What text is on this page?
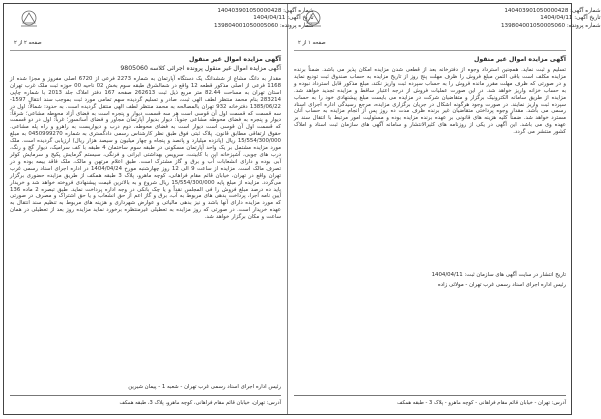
شماره آگهی: 140403901050000428
تاریخ آگهی: 1404/04/11
شماره پرونده: 139804001050005060
صفحه ۲ از ۲
آگهی مزایده اموال غیر منقول
آگهی مزایده اموال غیر منقول پرونده اجرائی کلاسه 9805060
مقدار به دانگ مشاع از ششدانگ یک دستگاه آپارتمان به شماره 2273 فرعی از 6720 اصلی مفروز و مجزا شده از 1168 فرعی از اصلی مذکور قطعه 12 واقع در شمالشرق طبقه سوم بخش 02 ناحیه 00 حوزه ثبت ملک غرب تهران استان تهران به مساحت 82.44 متر مربع ذیل ثبت 262613 صفحه 167 دفتر املاک جلد 2013 با شماره چاپی 283214 بنام محمد منتظر لطف الهی ثبت، صادر و تسلیم گردیده سهم تمامی مورد ثبت بموجب سند انتقال 1597-1385/06/22 دفترخانه 932 تهران بالمصالحه به محمد منتظر لطف الهی منتقل گردیده است. به حدود: شمالاً: اول در سه قسمت که قسمت اول آن قوسی است هر سه قسمت دیوار و پنجره است به فضای آزاد محوطه مشاعی؛ شرقاً: دیوار و پنجره به فضای محوطه مشاعی جنوباً: دیوار بدیوار آپارتمان مجاور و فضای آسانسور؛ غرباً: اول در دو قسمت که قسمت اول آن قوسی است دیوار است به فضای محوطه، دوم درب و دیواریست به راهرو و راه پله مشاعی. حقوق ارتفاقی مطابق قانون. پلاک ثبتی فوق طبق نظر کارشناس رسمی دادگستری به شماره 0450999270 به مبلغ 15/554/300/000 ریال (پانزده میلیارد و پانصد و پنجاه و چهار میلیون و سیصد هزار ریال) ارزیابی گردیده است. ملک مورد مزایده مشتمل بر یک واحد آپارتمان مسکونی در طبقه سوم ساختمان 4 طبقه با کف سرامیک، دیوار گچ و رنگ، درب های چوبی، آشپزخانه اپن با کابینت، سرویس بهداشتی ایرانی و فرنگی، سیستم گرمایش پکیج و سرمایش کولر آبی بوده و دارای انشعابات آب و برق و گاز مشترک است. طبق اعلام مرتهن و مالک، ملک فاقد بیمه بوده و در تصرف مالک است. مزایده از ساعت 9 الی 12 روز چهارشنبه مورخ 1404/04/24 در اداره اجرای اسناد رسمی غرب تهران واقع در تهران، خیابان قائم مقام فراهانی، کوچه ماهرو، پلاک 3 طبقه همکف از طریق مزایده حضوری برگزار می‌گردد. مزایده از مبلغ پایه 15/554/300/000 ریال شروع و به بالاترین قیمت پیشنهادی فروخته خواهد شد و خریدار باید ده درصد مبلغ فروش را فی المجلس نقداً و یا چک بانکی در وجه اداره پرداخت نماید. طبق تبصره 2 ماده 136 آیین نامه اجرا، پرداخت بدهی های مربوط به آب، برق و گاز اعم از حق انشعاب و یا حق اشتراک و مصرف در صورتی که مورد مزایده دارای آنها باشد و نیز بدهی مالیاتی و عوارض شهرداری و هزینه های مربوط به تنظیم سند انتقال به عهده خریدار است. در صورتی که روز مزایده به تعطیلی غیرمنتظره برخورد نماید مزایده روز بعد از تعطیلی در همان ساعت و مکان برگزار خواهد شد.
رئیس اداره اجرای اسناد رسمی غرب تهران - شعبه 1 - پیمان شیرین
آدرس: تهران، خیابان قائم مقام فراهانی، کوچه ماهرو، پلاک 3، طبقه همکف
شماره آگهی: 140403901050000428
تاریخ آگهی: 1404/04/11
شماره پرونده: 139804001050005060
صفحه ۱ از ۲
آگهی مزایده اموال غیر منقول
تسلیم و ثبت نماید. همچنین استرداد وجوه از دفترخانه بعد از قطعی شدن مزایده امکان پذیر می باشد. ضمناً برنده مزایده مکلف است باقی الثمن مبلغ فروش را ظرف مهلت پنج روز از تاریخ مزایده به حساب صندوق ثبت تودیع نماید و در صورتی که ظرف مهلت مقرر مانده فروش را به حساب سپرده ثبت واریز نکند، مبلغ مذکور قابل استرداد نبوده و به حساب خزانه واریز خواهد شد. در این صورت عملیات فروش از درجه اعتبار ساقط و مزایده تجدید خواهد شد. مزایده از طریق سامانه الکترونیک برگزار و متقاضیان شرکت در مزایده می بایست مبلغ پیشنهادی خود را به حساب سپرده ثبت واریز نمایند. در صورت وجود هرگونه اشکال در جریان برگزاری مزایده، مرجع رسیدگی اداره اجرای اسناد رسمی می باشد. مقدار وجوه پرداختی متقاضیان غیر برنده ظرف مدت ده روز پس از انجام مزایده به حساب آنان مسترد خواهد شد. ضمناً کلیه هزینه های قانونی بر عهده برنده مزایده بوده و مسئولیت امور مرتبط با انتقال سند بر عهده وی می باشد. این آگهی در یکی از روزنامه های کثیرالانتشار و سامانه آگهی های سازمان ثبت اسناد و املاک کشور منتشر می گردد.
تاریخ انتشار در سایت آگهی های سازمان ثبت: 1404/04/11
رئیس اداره اجرای اسناد رسمی غرب تهران - مولائی زاده
آدرس: تهران - خیابان قائم مقام فراهانی - کوچه ماهرو - پلاک 3 - طبقه همکف
